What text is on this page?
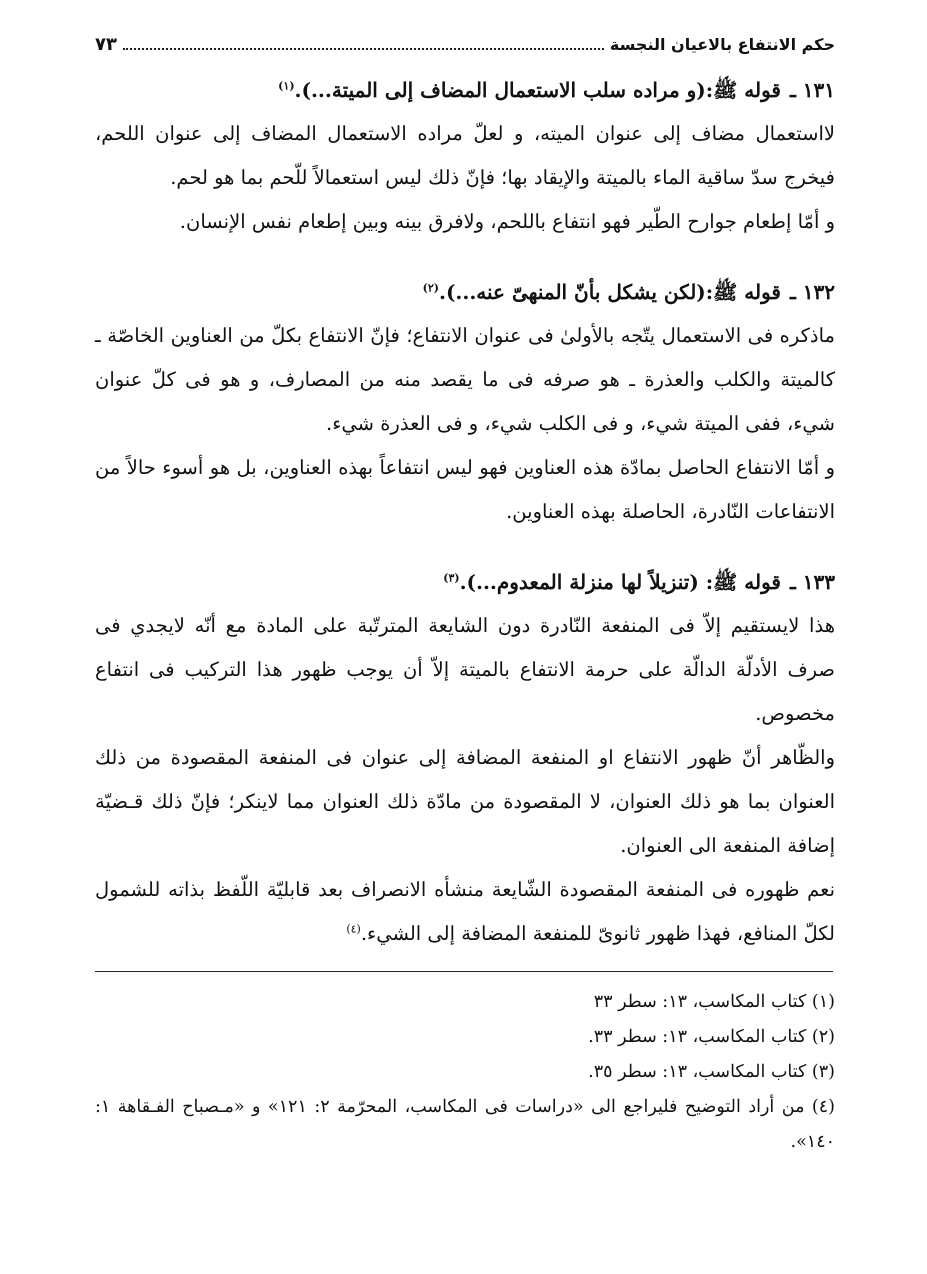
حكم الانتفاع بالاعيان النجسة
٧٣
١٣١ ـ قوله ﷺ:(و مراده سلب الاستعمال المضاف إلى الميتة...).$^{(١)}$

لااستعمال مضاف إلى عنوان الميته، و لعلّ مراده الاستعمال المضاف إلى عنوان اللحم، فيخرج سدّ ساقية الماء بالميتة والإيقاد بها؛ فإنّ ذلك ليس استعمالاً للّحم بما هو لحم.

و أمّا إطعام جوارح الطّير فهو انتفاع باللحم، ولافرق بينه وبين إطعام نفس الإنسان.

١٣٢ ـ قوله ﷺ:(لكن يشكل بأنّ المنهىّ عنه...).$^{(٢)}$

ماذكره فى الاستعمال يتّجه بالأولىٰ فى عنوان الانتفاع؛ فإنّ الانتفاع بكلّ من العناوين الخاصّة ـ كالميتة والكلب والعذرة ـ هو صرفه فى ما يقصد منه من المصارف، و هو فى كلّ عنوان شيء، ففى الميتة شيء، و فى الكلب شيء، و فى العذرة شيء.

و أمّا الانتفاع الحاصل بمادّة هذه العناوين فهو ليس انتفاعاً بهذه العناوين، بل هو أسوء حالاً من الانتفاعات النّادرة، الحاصلة بهذه العناوين.

١٣٣ ـ قوله ﷺ: (تنزيلاً لها منزلة المعدوم...).$^{(٣)}$

هذا لايستقيم إلاّ فى المنفعة النّادرة دون الشايعة المترتّبة على المادة مع أنّه لايجدي فى صرف الأدلّة الدالّة على حرمة الانتفاع بالميتة إلاّ أن يوجب ظهور هذا التركيب فى انتفاع مخصوص.

والظّاهر أنّ ظهور الانتفاع او المنفعة المضافة إلى عنوان فى المنفعة المقصودة من ذلك العنوان بما هو ذلك العنوان، لا المقصودة من مادّة ذلك العنوان مما لاينكر؛ فإنّ ذلك قـضيّة إضافة المنفعة الى العنوان.

نعم ظهوره فى المنفعة المقصودة الشّايعة منشأه الانصراف بعد قابليّة اللّفظ بذاته للشمول لكلّ المنافع، فهذا ظهور ثانوىّ للمنفعة المضافة إلى الشيء.$^{(٤)}$

(١) كتاب المكاسب، ١٣: سطر ٣٣

(٢) كتاب المكاسب، ١٣: سطر ٣٣.

(٣) كتاب المكاسب، ١٣: سطر ٣٥.

(٤) من أراد التوضيح فليراجع الى «دراسات فى المكاسب، المحرّمة ٢: ١٢١» و «مـصباح الفـقاهة ١: ١٤٠».
